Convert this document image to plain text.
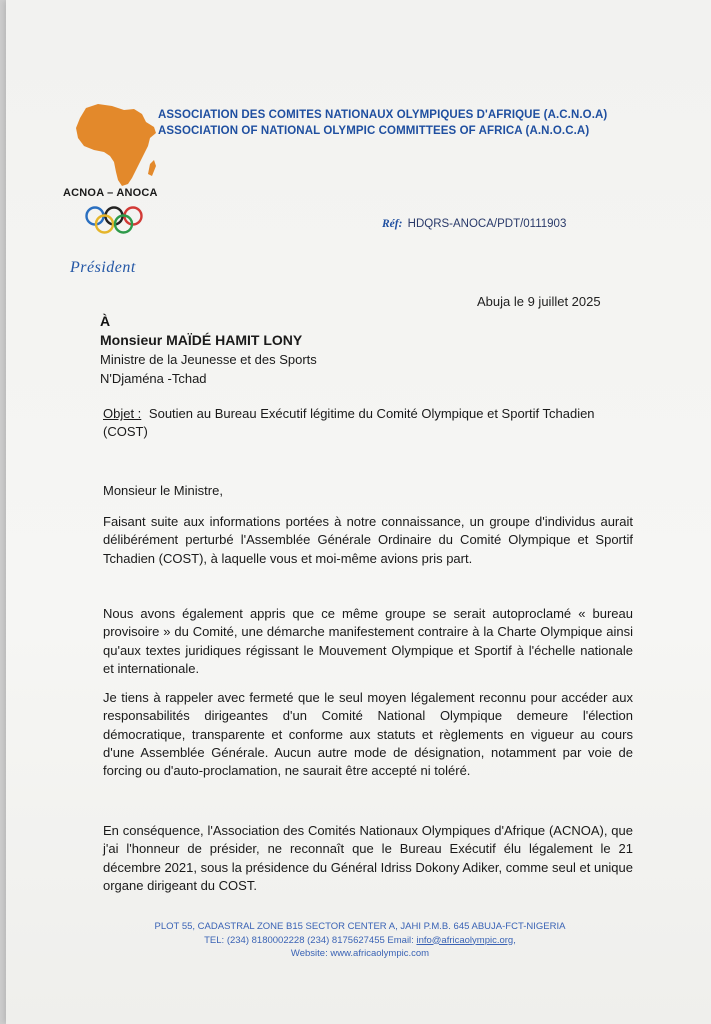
ACNOA – ANOCA
ASSOCIATION DES COMITES NATIONAUX OLYMPIQUES D'AFRIQUE (A.C.N.O.A)
ASSOCIATION OF NATIONAL OLYMPIC COMMITTEES OF AFRICA (A.N.O.C.A)
Réf: HDQRS-ANOCA/PDT/0111903
Président
Abuja le 9 juillet 2025
À
Monsieur MAÏDÉ HAMIT LONY
Ministre de la Jeunesse et des Sports
N'Djaména -Tchad
Objet : Soutien au Bureau Exécutif légitime du Comité Olympique et Sportif Tchadien (COST)
Monsieur le Ministre,
Faisant suite aux informations portées à notre connaissance, un groupe d'individus aurait délibérément perturbé l'Assemblée Générale Ordinaire du Comité Olympique et Sportif Tchadien (COST), à laquelle vous et moi-même avions pris part.
Nous avons également appris que ce même groupe se serait autoproclamé « bureau provisoire » du Comité, une démarche manifestement contraire à la Charte Olympique ainsi qu'aux textes juridiques régissant le Mouvement Olympique et Sportif à l'échelle nationale et internationale.
Je tiens à rappeler avec fermeté que le seul moyen légalement reconnu pour accéder aux responsabilités dirigeantes d'un Comité National Olympique demeure l'élection démocratique, transparente et conforme aux statuts et règlements en vigueur au cours d'une Assemblée Générale. Aucun autre mode de désignation, notamment par voie de forcing ou d'auto-proclamation, ne saurait être accepté ni toléré.
En conséquence, l'Association des Comités Nationaux Olympiques d'Afrique (ACNOA), que j'ai l'honneur de présider, ne reconnaît que le Bureau Exécutif élu légalement le 21 décembre 2021, sous la présidence du Général Idriss Dokony Adiker, comme seul et unique organe dirigeant du COST.
PLOT 55, CADASTRAL ZONE B15 SECTOR CENTER A, JAHI P.M.B. 645 ABUJA-FCT-NIGERIA
TEL: (234) 8180002228 (234) 8175627455 Email: info@africaolympic.org,
Website: www.africaolympic.com
